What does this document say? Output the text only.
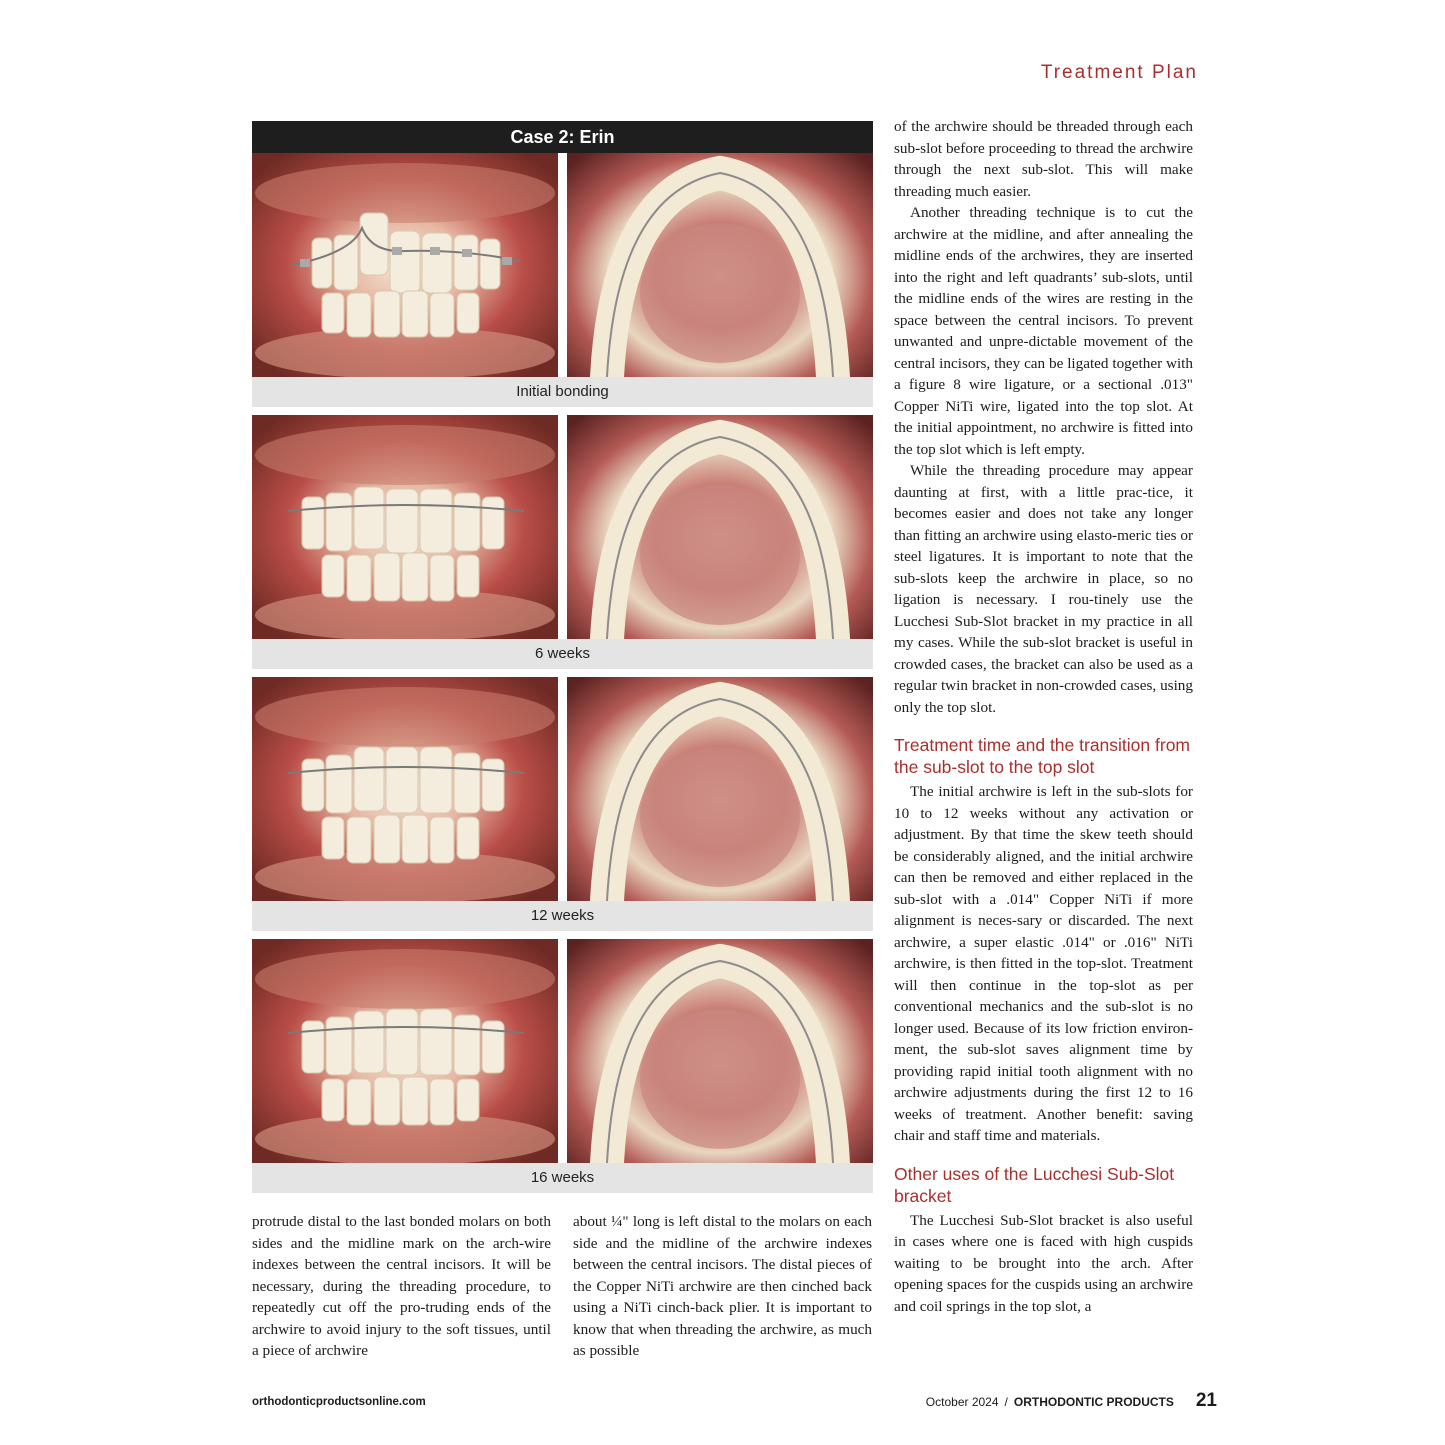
Treatment Plan
Case 2: Erin
Initial bonding
6 weeks
12 weeks
16 weeks

protrude distal to the last bonded molars on both sides and the midline mark on the arch-wire indexes between the central incisors. It will be necessary, during the threading procedure, to repeatedly cut off the pro-truding ends of the archwire to avoid injury to the soft tissues, until a piece of archwire

about ¼" long is left distal to the molars on each side and the midline of the archwire indexes between the central incisors. The distal pieces of the Copper NiTi archwire are then cinched back using a NiTi cinch-back plier. It is important to know that when threading the archwire, as much as possible

of the archwire should be threaded through each sub-slot before proceeding to thread the archwire through the next sub-slot. This will make threading much easier.

Another threading technique is to cut the archwire at the midline, and after annealing the midline ends of the archwires, they are inserted into the right and left quadrants’ sub-slots, until the midline ends of the wires are resting in the space between the central incisors. To prevent unwanted and unpre-dictable movement of the central incisors, they can be ligated together with a figure 8 wire ligature, or a sectional .013" Copper NiTi wire, ligated into the top slot. At the initial appointment, no archwire is fitted into the top slot which is left empty.

While the threading procedure may appear daunting at first, with a little prac-tice, it becomes easier and does not take any longer than fitting an archwire using elasto-meric ties or steel ligatures. It is important to note that the sub-slots keep the archwire in place, so no ligation is necessary. I rou-tinely use the Lucchesi Sub-Slot bracket in my practice in all my cases. While the sub-slot bracket is useful in crowded cases, the bracket can also be used as a regular twin bracket in non-crowded cases, using only the top slot.

Treatment time and the transition from the sub-slot to the top slot

The initial archwire is left in the sub-slots for 10 to 12 weeks without any activation or adjustment. By that time the skew teeth should be considerably aligned, and the initial archwire can then be removed and either replaced in the sub-slot with a .014" Copper NiTi if more alignment is neces-sary or discarded. The next archwire, a super elastic .014" or .016" NiTi archwire, is then fitted in the top-slot. Treatment will then continue in the top-slot as per conventional mechanics and the sub-slot is no longer used. Because of its low friction environ-ment, the sub-slot saves alignment time by providing rapid initial tooth alignment with no archwire adjustments during the first 12 to 16 weeks of treatment. Another benefit: saving chair and staff time and materials.

Other uses of the Lucchesi Sub-Slot bracket

The Lucchesi Sub-Slot bracket is also useful in cases where one is faced with high cuspids waiting to be brought into the arch. After opening spaces for the cuspids using an archwire and coil springs in the top slot, a

orthodonticproductsonline.com	October 2024 / ORTHODONTIC PRODUCTS 21
